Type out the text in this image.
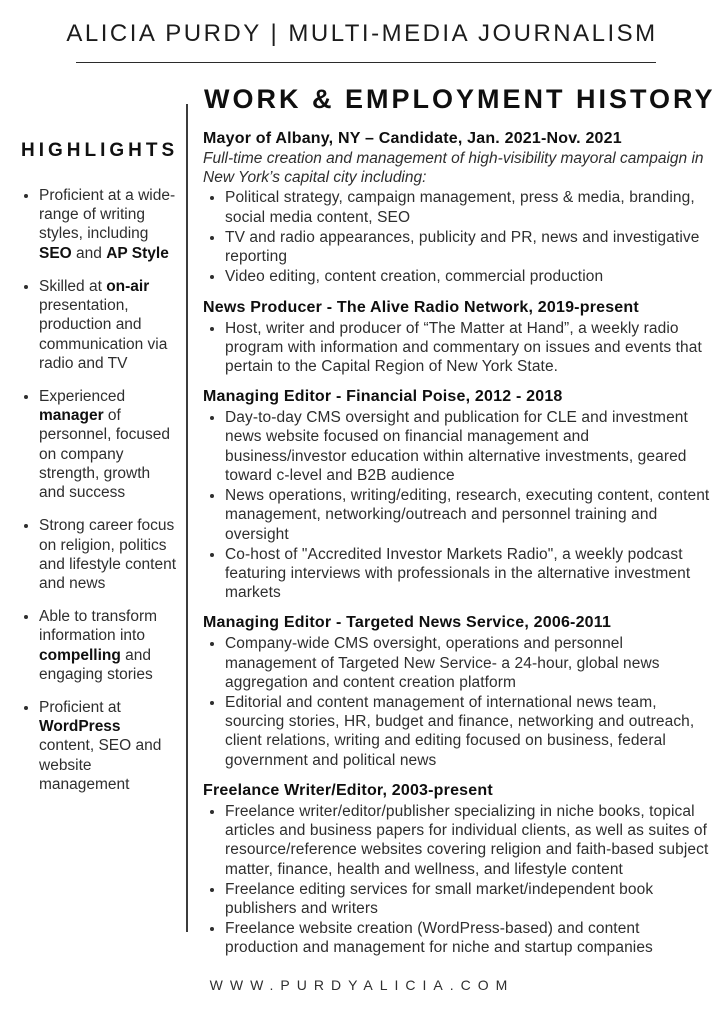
ALICIA PURDY | MULTI-MEDIA JOURNALISM
WORK & EMPLOYMENT HISTORY
HIGHLIGHTS
• Proficient at a wide-range of writing styles, including SEO and AP Style
• Skilled at on-air presentation, production and communication via radio and TV
• Experienced manager of personnel, focused on company strength, growth and success
• Strong career focus on religion, politics and lifestyle content and news
• Able to transform information into compelling and engaging stories
• Proficient at WordPress content, SEO and website management
Mayor of Albany, NY – Candidate, Jan. 2021-Nov. 2021

Full-time creation and management of high-visibility mayoral campaign in New York’s capital city including:

• Political strategy, campaign management, press & media, branding, social media content, SEO
• TV and radio appearances, publicity and PR, news and investigative reporting
• Video editing, content creation, commercial production
News Producer - The Alive Radio Network, 2019-present
• Host, writer and producer of “The Matter at Hand”, a weekly radio program with information and commentary on issues and events that pertain to the Capital Region of New York State.
Managing Editor - Financial Poise, 2012 - 2018
• Day-to-day CMS oversight and publication for CLE and investment news website focused on financial management and business/investor education within alternative investments, geared toward c-level and B2B audience
• News operations, writing/editing, research, executing content, content management, networking/outreach and personnel training and oversight
• Co-host of "Accredited Investor Markets Radio", a weekly podcast featuring interviews with professionals in the alternative investment markets
Managing Editor - Targeted News Service, 2006-2011
• Company-wide CMS oversight, operations and personnel management of Targeted New Service- a 24-hour, global news aggregation and content creation platform
• Editorial and content management of international news team, sourcing stories, HR, budget and finance, networking and outreach, client relations, writing and editing focused on business, federal government and political news
Freelance Writer/Editor, 2003-present
• Freelance writer/editor/publisher specializing in niche books, topical articles and business papers for individual clients, as well as suites of resource/reference websites covering religion and faith-based subject matter, finance, health and wellness, and lifestyle content
• Freelance editing services for small market/independent book publishers and writers
• Freelance website creation (WordPress-based) and content production and management for niche and startup companies

WWW.PURDYALICIA.COM
